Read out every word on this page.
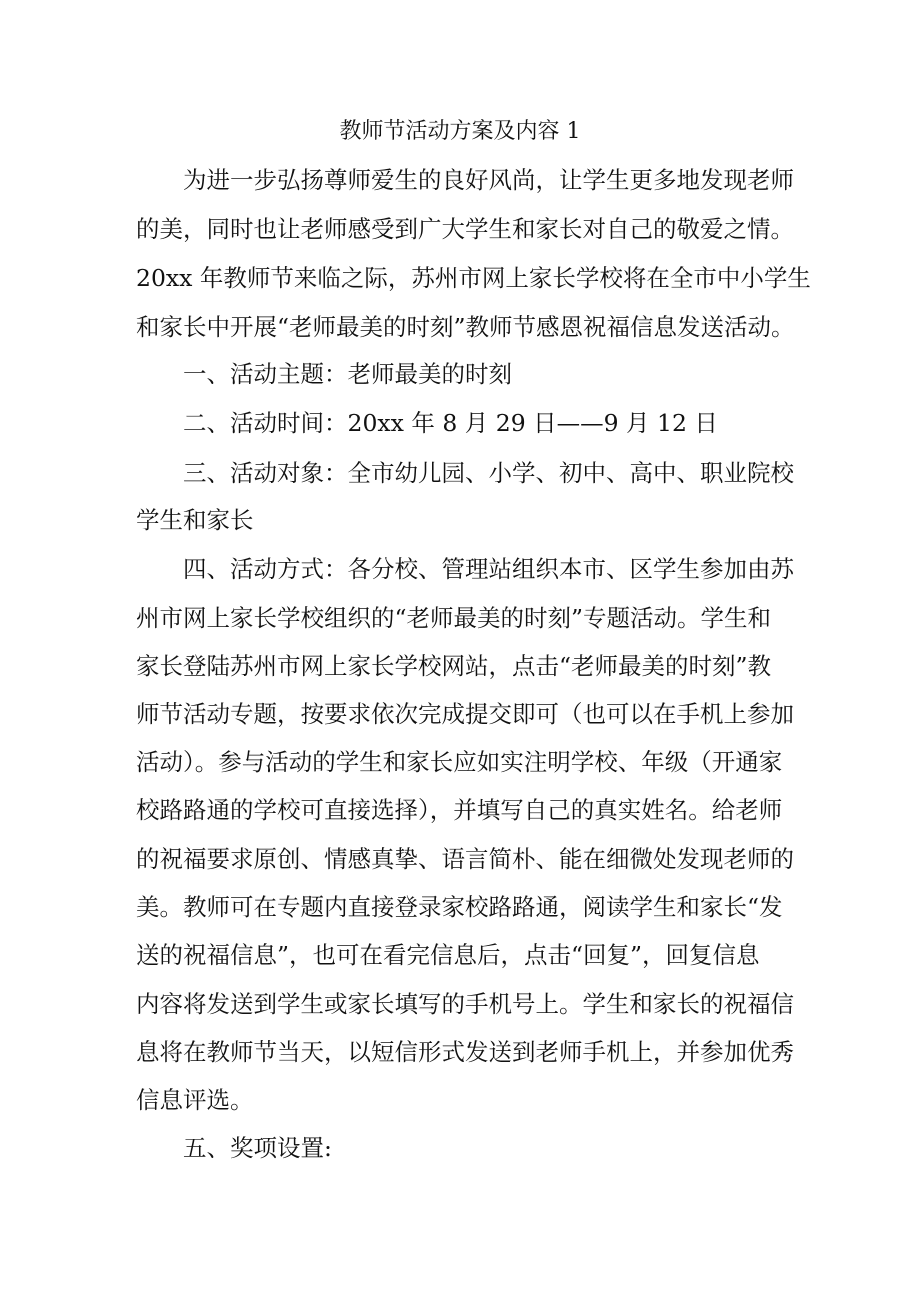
教师节活动方案及内容 1
为进一步弘扬尊师爱生的良好风尚，让学生更多地发现老师
的美，同时也让老师感受到广大学生和家长对自己的敬爱之情。
20xx 年教师节来临之际，苏州市网上家长学校将在全市中小学生
和家长中开展“老师最美的时刻”教师节感恩祝福信息发送活动。
一、活动主题：老师最美的时刻
二、活动时间：20xx 年 8 月 29 日——9 月 12 日
三、活动对象：全市幼儿园、小学、初中、高中、职业院校
学生和家长
四、活动方式：各分校、管理站组织本市、区学生参加由苏
州市网上家长学校组织的“老师最美的时刻”专题活动。学生和
家长登陆苏州市网上家长学校网站，点击“老师最美的时刻”教
师节活动专题，按要求依次完成提交即可（也可以在手机上参加
活动）。参与活动的学生和家长应如实注明学校、年级（开通家
校路路通的学校可直接选择），并填写自己的真实姓名。给老师
的祝福要求原创、情感真挚、语言简朴、能在细微处发现老师的
美。教师可在专题内直接登录家校路路通，阅读学生和家长“发
送的祝福信息”，也可在看完信息后，点击“回复”，回复信息
内容将发送到学生或家长填写的手机号上。学生和家长的祝福信
息将在教师节当天，以短信形式发送到老师手机上，并参加优秀
信息评选。
五、奖项设置:
